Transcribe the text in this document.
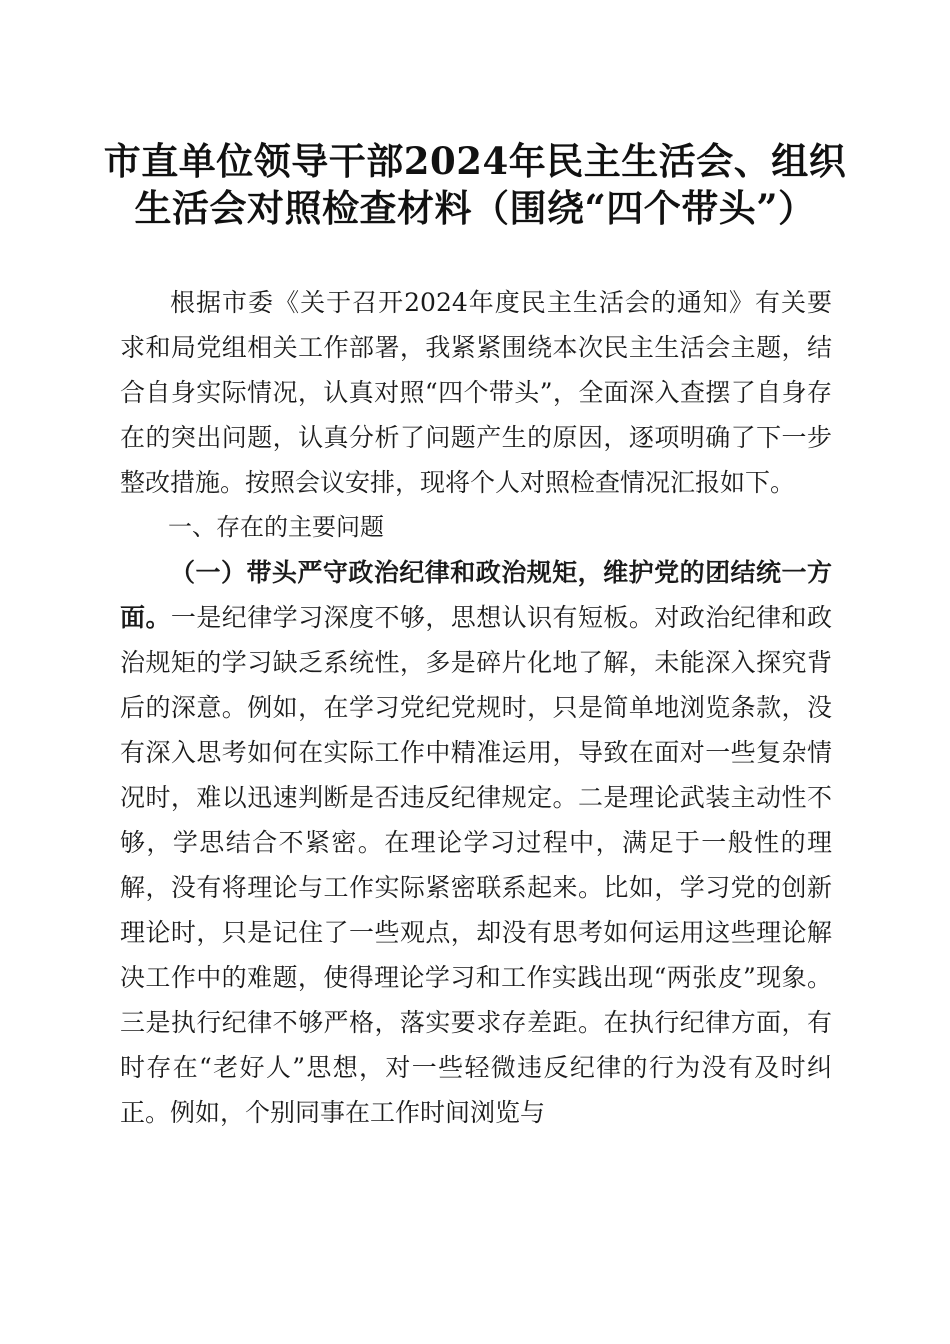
市直单位领导干部2024年民主生活会、组织
生活会对照检查材料（围绕“四个带头”）

根据市委《关于召开2024年度民主生活会的通知》有关要求和局党组相关工作部署，我紧紧围绕本次民主生活会主题，结合自身实际情况，认真对照“四个带头”，全面深入查摆了自身存在的突出问题，认真分析了问题产生的原因，逐项明确了下一步整改措施。按照会议安排，现将个人对照检查情况汇报如下。

一、存在的主要问题

（一）带头严守政治纪律和政治规矩，维护党的团结统一方面。一是纪律学习深度不够，思想认识有短板。对政治纪律和政治规矩的学习缺乏系统性，多是碎片化地了解，未能深入探究背后的深意。例如，在学习党纪党规时，只是简单地浏览条款，没有深入思考如何在实际工作中精准运用，导致在面对一些复杂情况时，难以迅速判断是否违反纪律规定。二是理论武装主动性不够，学思结合不紧密。在理论学习过程中，满足于一般性的理解，没有将理论与工作实际紧密联系起来。比如，学习党的创新理论时，只是记住了一些观点，却没有思考如何运用这些理论解决工作中的难题，使得理论学习和工作实践出现“两张皮”现象。三是执行纪律不够严格，落实要求存差距。在执行纪律方面，有时存在“老好人”思想，对一些轻微违反纪律的行为没有及时纠正。例如，个别同事在工作时间浏览与
